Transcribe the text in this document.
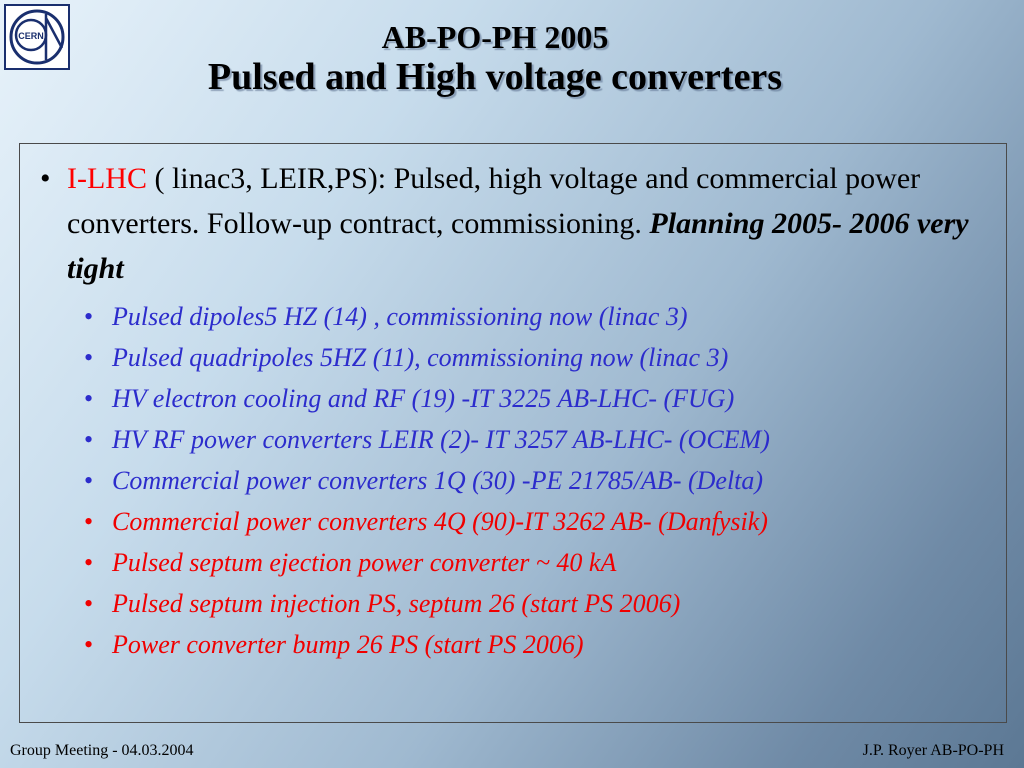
CERN	AB-PO-PH 2005
Pulsed and High voltage converters
• I-LHC ( linac3, LEIR,PS): Pulsed, high voltage and commercial power converters. Follow-up contract, commissioning. Planning 2005- 2006 very tight
• Pulsed dipoles5 HZ (14) , commissioning now (linac 3)
• Pulsed quadripoles 5HZ (11), commissioning now (linac 3)
• HV electron cooling and RF (19) -IT 3225 AB-LHC- (FUG)
• HV RF power converters LEIR (2)- IT 3257 AB-LHC- (OCEM)
• Commercial power converters 1Q (30) -PE 21785/AB- (Delta)
• Commercial power converters 4Q (90)-IT 3262 AB- (Danfysik)
• Pulsed septum ejection power converter ~ 40 kA
• Pulsed septum injection PS, septum 26 (start PS 2006)
• Power converter bump 26 PS (start PS 2006)
Group Meeting - 04.03.2004	J.P. Royer AB-PO-PH
